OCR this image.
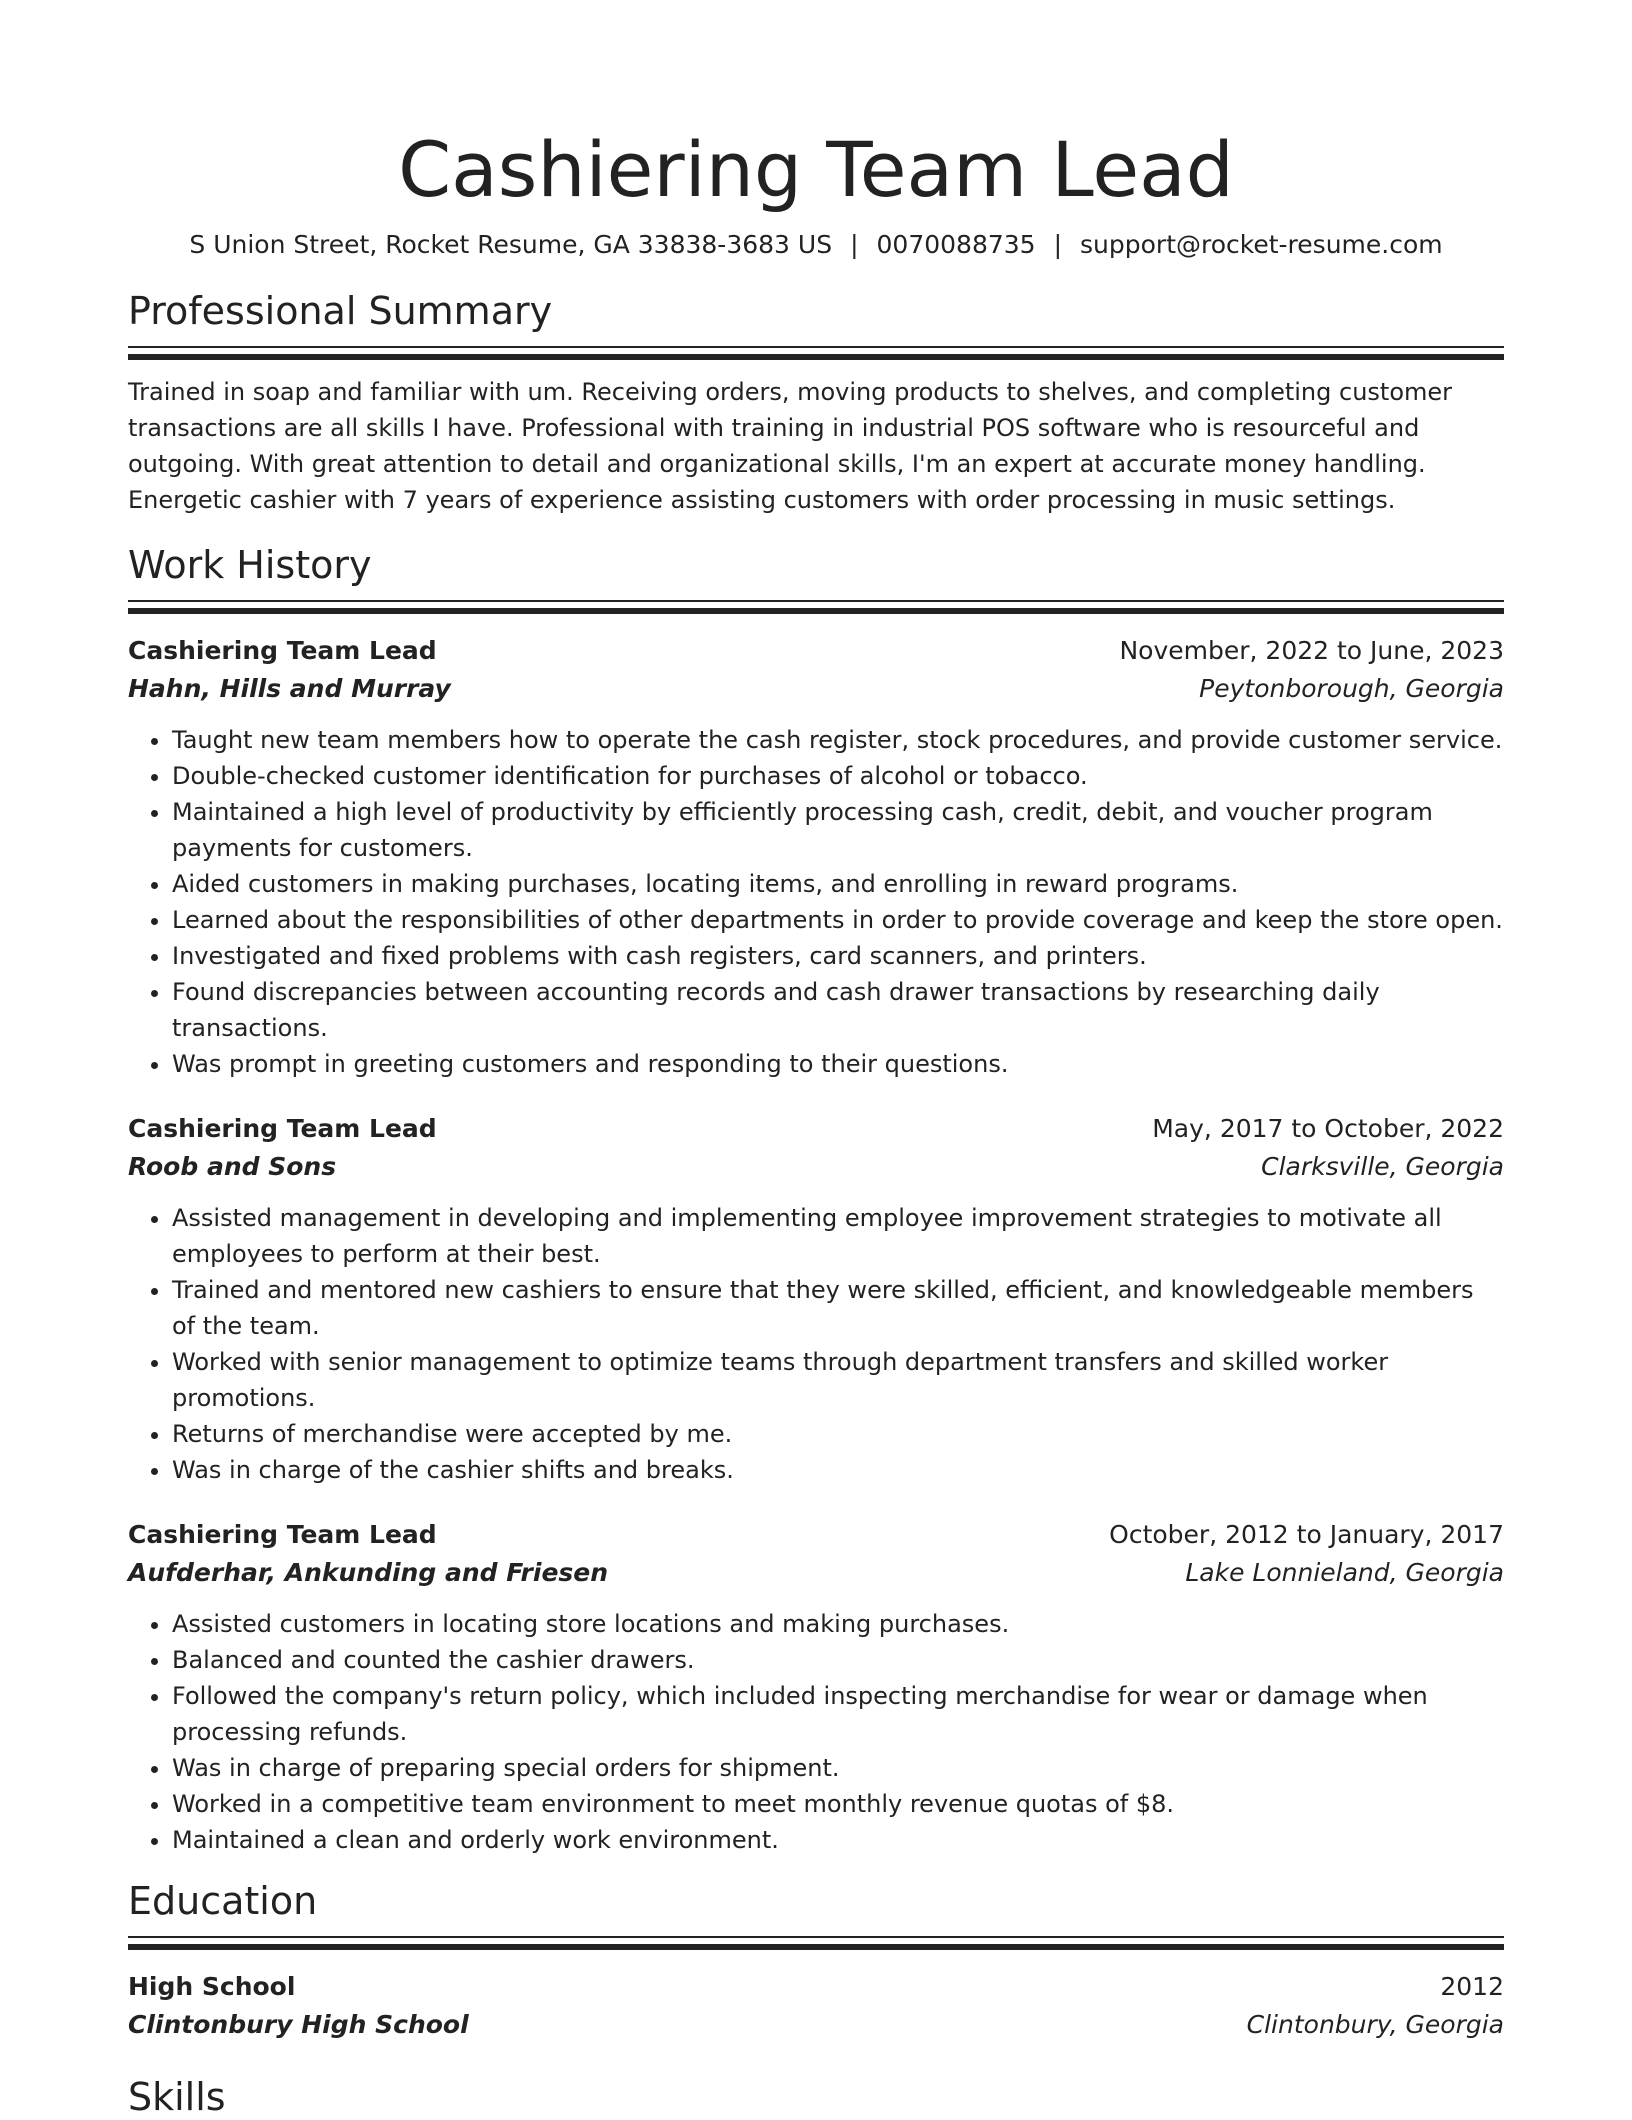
Cashiering Team Lead
S Union Street, Rocket Resume, GA 33838-3683 US | 0070088735 | support@rocket-resume.com
Professional Summary

Trained in soap and familiar with um. Receiving orders, moving products to shelves, and completing customer transactions are all skills I have. Professional with training in industrial POS software who is resourceful and outgoing. With great attention to detail and organizational skills, I'm an expert at accurate money handling. Energetic cashier with 7 years of experience assisting customers with order processing in music settings.

Work History
Cashiering Team Lead	November, 2022 to June, 2023
Hahn, Hills and Murray	Peytonborough, Georgia
• Taught new team members how to operate the cash register, stock procedures, and provide customer service.
• Double-checked customer identification for purchases of alcohol or tobacco.
• Maintained a high level of productivity by efficiently processing cash, credit, debit, and voucher program payments for customers.
• Aided customers in making purchases, locating items, and enrolling in reward programs.
• Learned about the responsibilities of other departments in order to provide coverage and keep the store open.
• Investigated and fixed problems with cash registers, card scanners, and printers.
• Found discrepancies between accounting records and cash drawer transactions by researching daily transactions.
• Was prompt in greeting customers and responding to their questions.
Cashiering Team Lead	May, 2017 to October, 2022
Roob and Sons	Clarksville, Georgia
• Assisted management in developing and implementing employee improvement strategies to motivate all employees to perform at their best.
• Trained and mentored new cashiers to ensure that they were skilled, efficient, and knowledgeable members of the team.
• Worked with senior management to optimize teams through department transfers and skilled worker promotions.
• Returns of merchandise were accepted by me.
• Was in charge of the cashier shifts and breaks.
Cashiering Team Lead	October, 2012 to January, 2017
Aufderhar, Ankunding and Friesen	Lake Lonnieland, Georgia
• Assisted customers in locating store locations and making purchases.
• Balanced and counted the cashier drawers.
• Followed the company's return policy, which included inspecting merchandise for wear or damage when processing refunds.
• Was in charge of preparing special orders for shipment.
• Worked in a competitive team environment to meet monthly revenue quotas of $8.
• Maintained a clean and orderly work environment.
Education
High School	2012
Clintonbury High School	Clintonbury, Georgia
Skills
